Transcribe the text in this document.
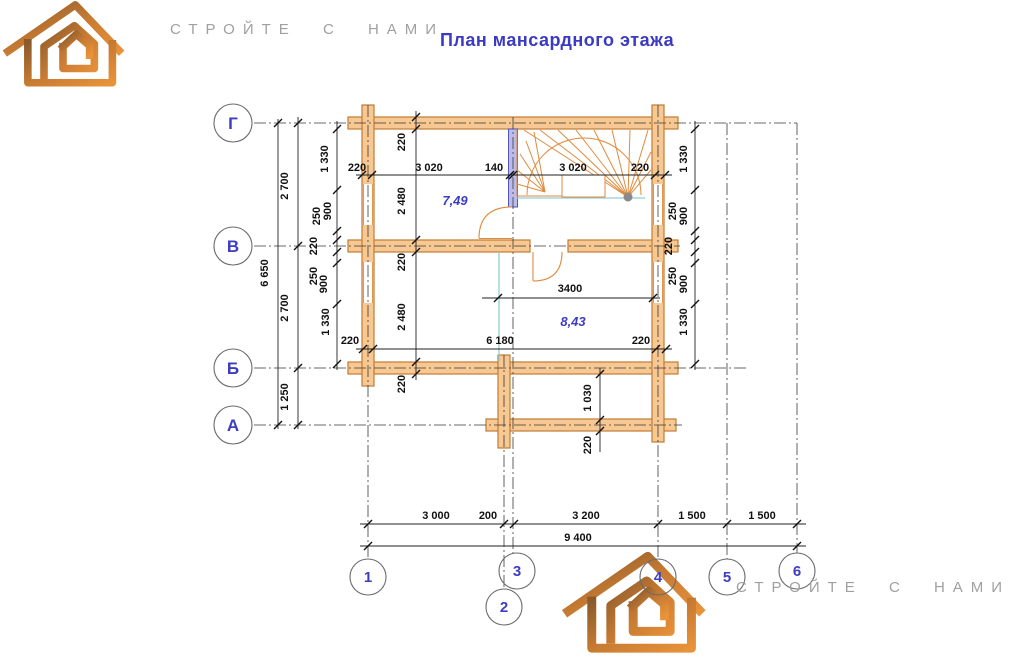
220	3 020	140	3 020	220
3400
220	6 180	220
220
2 480
220
2 480
220
1 030
220
1 330
900
250
220
250
900
1 330
1 330
900
250
220
250 900
1 330
2 700
6 650
2 700
1 250
3 000	200	3 200	1 500	1 500
9 400
7,49
8,43
Г
В
Б
А
1
2
3	4	5	6
СТРОЙТЕ С НАМИ
План мансардного этажа
СТРОЙТЕ С НАМИ
